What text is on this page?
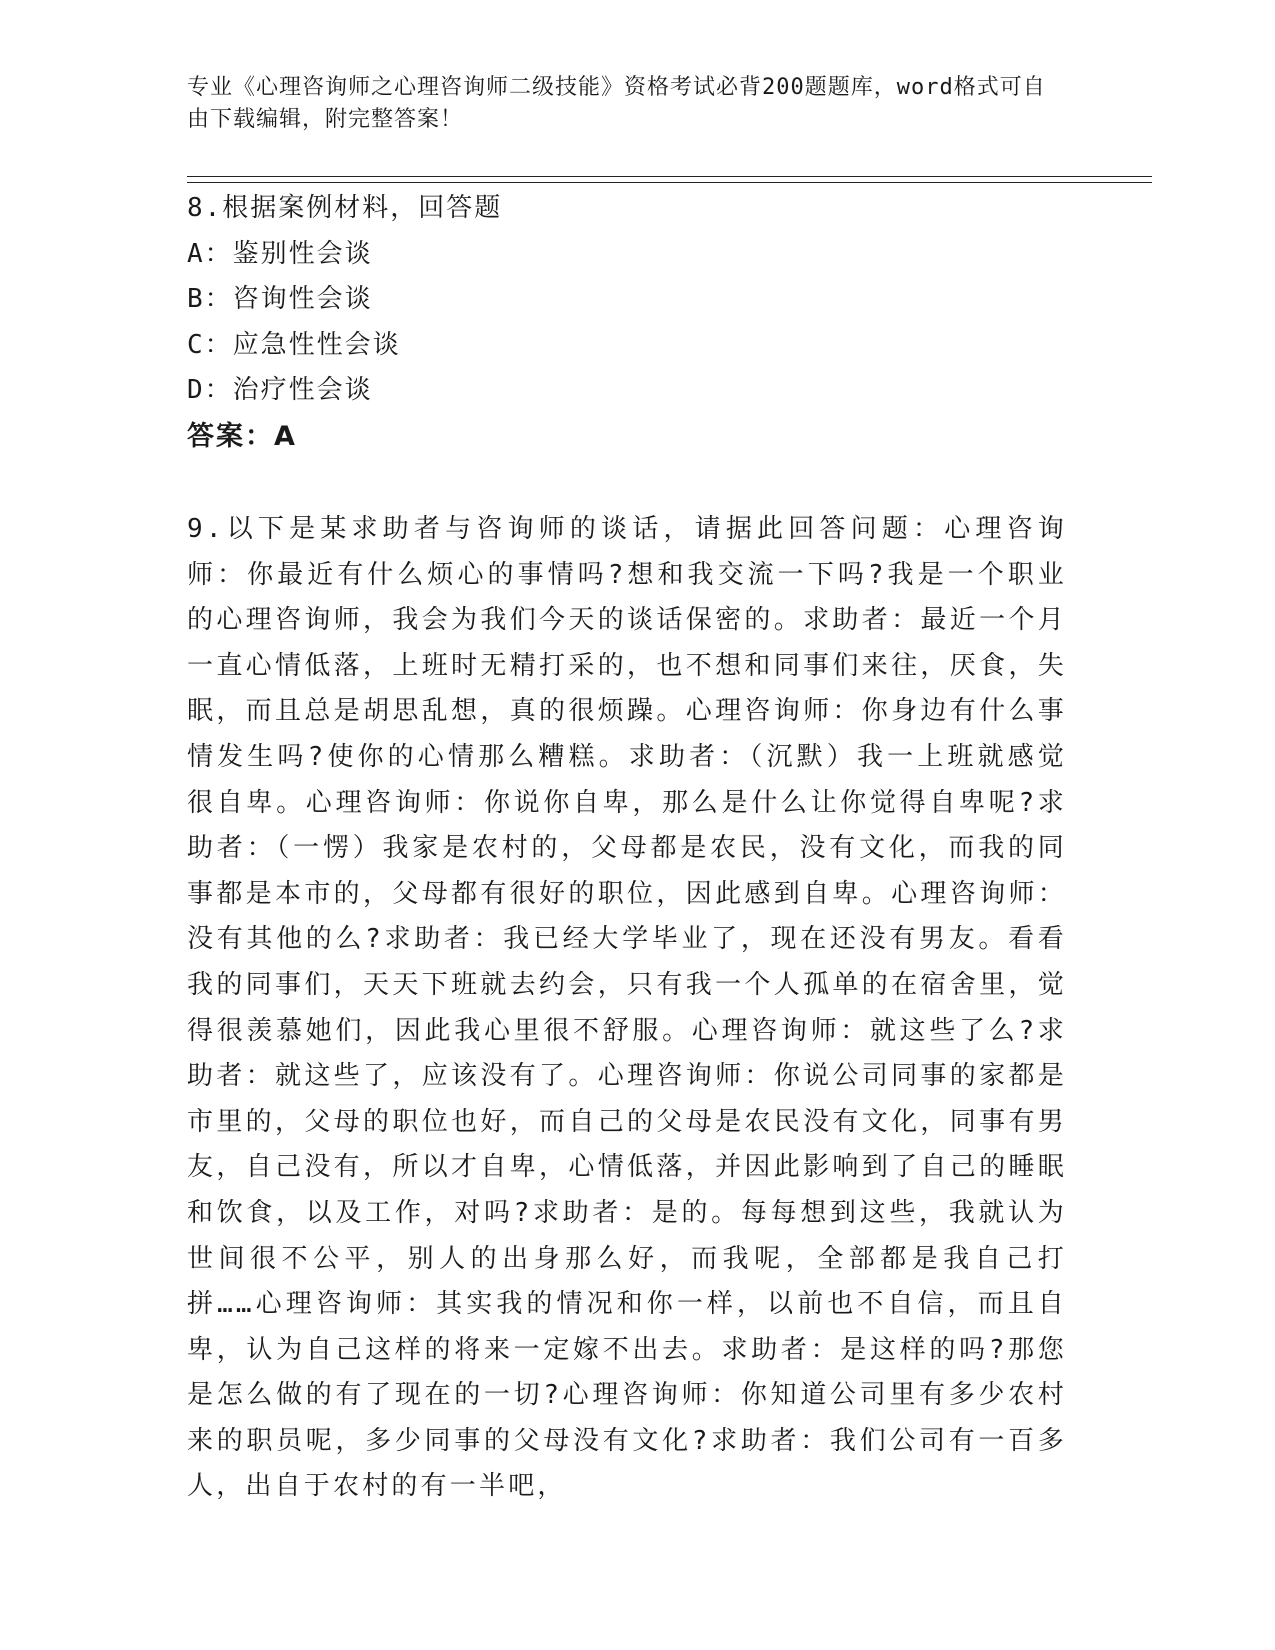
专业《心理咨询师之心理咨询师二级技能》资格考试必背200题题库，word格式可自由下载编辑，附完整答案！
8.根据案例材料，回答题
A：鉴别性会谈
B：咨询性会谈
C：应急性性会谈
D：治疗性会谈
答案：A
9.以下是某求助者与咨询师的谈话，请据此回答问题：心理咨询师：你最近有什么烦心的事情吗?想和我交流一下吗?我是一个职业的心理咨询师，我会为我们今天的谈话保密的。求助者：最近一个月一直心情低落，上班时无精打采的，也不想和同事们来往，厌食，失眠，而且总是胡思乱想，真的很烦躁。心理咨询师：你身边有什么事情发生吗?使你的心情那么糟糕。求助者：（沉默）我一上班就感觉很自卑。心理咨询师：你说你自卑，那么是什么让你觉得自卑呢?求助者：（一愣）我家是农村的，父母都是农民，没有文化，而我的同事都是本市的，父母都有很好的职位，因此感到自卑。心理咨询师：没有其他的么?求助者：我已经大学毕业了，现在还没有男友。看看我的同事们，天天下班就去约会，只有我一个人孤单的在宿舍里，觉得很羡慕她们，因此我心里很不舒服。心理咨询师：就这些了么?求助者：就这些了，应该没有了。心理咨询师：你说公司同事的家都是市里的，父母的职位也好，而自己的父母是农民没有文化，同事有男友，自己没有，所以才自卑，心情低落，并因此影响到了自己的睡眠和饮食，以及工作，对吗?求助者：是的。每每想到这些，我就认为世间很不公平，别人的出身那么好，而我呢，全部都是我自己打拼……心理咨询师：其实我的情况和你一样，以前也不自信，而且自卑，认为自己这样的将来一定嫁不出去。求助者：是这样的吗?那您是怎么做的有了现在的一切?心理咨询师：你知道公司里有多少农村来的职员呢，多少同事的父母没有文化?求助者：我们公司有一百多人，出自于农村的有一半吧，
